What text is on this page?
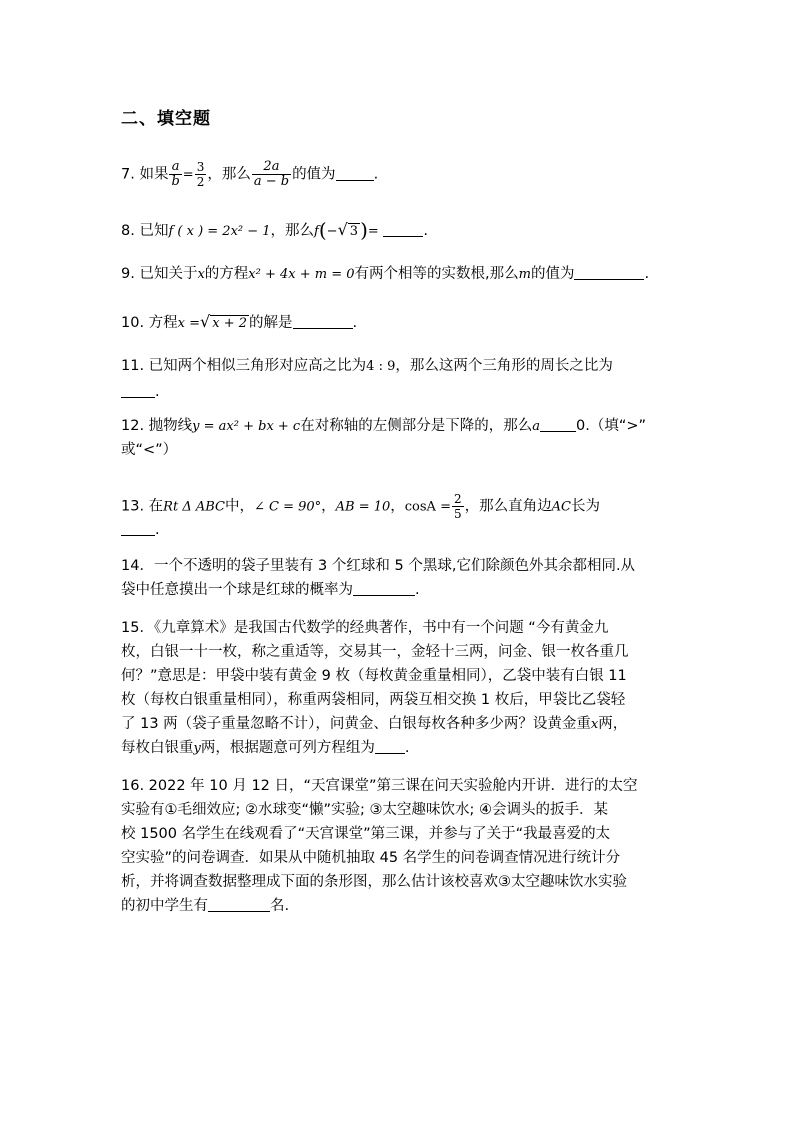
二、填空题
7. 如果 $\frac{a}{b} = \frac{3}{2}$ ，那么 $\frac{2a}{a - b}$ 的值为	.
8. 已知f ( x ) = 2x² − 1，那么f(−√ 3 )=	.
9. 已知关于x的方程x² + 4x + m = 0有两个相等的实数根,那么m的值为	.
10. 方程x =√ x + 2 的解是	.
11. 已知两个相似三角形对应高之比为4 : 9，那么这两个三角形的周长之比为
.
12. 抛物线y = ax² + bx + c在对称轴的左侧部分是下降的，那么a 0.（填“>”
或“<”）
13. 在Rt Δ ABC中，∠ C = 90°，AB = 10，$\cos A = \frac{2}{5}$ ，那么直角边AC长为
.
14．一个不透明的袋子里装有 3 个红球和 5 个黑球,它们除颜色外其余都相同.从
袋中任意摸出一个球是红球的概率为	.
15．《九章算术》是我国古代数学的经典著作，书中有一个问题 “今有黄金九
枚，白银一十一枚，称之重适等，交易其一，金轻十三两，问金、银一枚各重几
何？”意思是：甲袋中装有黄金 9 枚（每枚黄金重量相同），乙袋中装有白银 11
枚（每枚白银重量相同），称重两袋相同，两袋互相交换 1 枚后，甲袋比乙袋轻
了 13 两（袋子重量忽略不计），问黄金、白银每枚各种多少两？设黄金重x两，
每枚白银重y两，根据题意可列方程组为 .
16. 2022 年 10 月 12 日，“天宫课堂”第三课在问天实验舱内开讲．进行的太空
实验有①毛细效应; ②水球变“懒”实验; ③太空趣味饮水; ④会调头的扳手．某
校 1500 名学生在线观看了“天宫课堂”第三课，并参与了关于“我最喜爱的太
空实验”的问卷调查．如果从中随机抽取 45 名学生的问卷调查情况进行统计分
析，并将调查数据整理成下面的条形图，那么估计该校喜欢③太空趣味饮水实验
的初中学生有	名.
